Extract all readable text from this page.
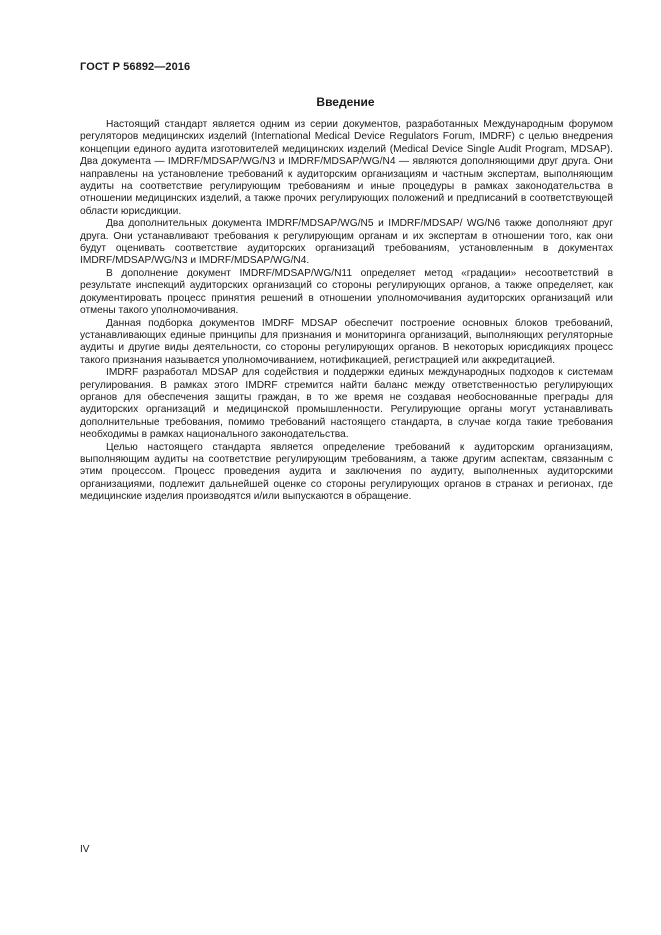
ГОСТ Р 56892—2016
Введение

Настоящий стандарт является одним из серии документов, разработанных Международным форумом регуляторов медицинских изделий (International Medical Device Regulators Forum, IMDRF) с целью внедрения концепции единого аудита изготовителей медицинских изделий (Medical Device Single Audit Program, MDSAP). Два документа — IMDRF/MDSAP/WG/N3 и IMDRF/MDSAP/WG/N4 — являются дополняющими друг друга. Они направлены на установление требований к аудиторским организациям и частным экспертам, выполняющим аудиты на соответствие регулирующим требованиям и иные процедуры в рамках законодательства в отношении медицинских изделий, а также прочих регулирующих положений и предписаний в соответствующей области юрисдикции.

Два дополнительных документа IMDRF/MDSAP/WG/N5 и IMDRF/MDSAP/ WG/N6 также дополняют друг друга. Они устанавливают требования к регулирующим органам и их экспертам в отношении того, как они будут оценивать соответствие аудиторских организаций требованиям, установленным в документах IMDRF/MDSAP/WG/N3 и IMDRF/MDSAP/WG/N4.

В дополнение документ IMDRF/MDSAP/WG/N11 определяет метод «градации» несоответствий в результате инспекций аудиторских организаций со стороны регулирующих органов, а также определяет, как документировать процесс принятия решений в отношении уполномочивания аудиторских организаций или отмены такого уполномочивания.

Данная подборка документов IMDRF MDSAP обеспечит построение основных блоков требований, устанавливающих единые принципы для признания и мониторинга организаций, выполняющих регуляторные аудиты и другие виды деятельности, со стороны регулирующих органов. В некоторых юрисдикциях процесс такого признания называется уполномочиванием, нотификацией, регистрацией или аккредитацией.

IMDRF разработал MDSAP для содействия и поддержки единых международных подходов к системам регулирования. В рамках этого IMDRF стремится найти баланс между ответственностью регулирующих органов для обеспечения защиты граждан, в то же время не создавая необоснованные преграды для аудиторских организаций и медицинской промышленности. Регулирующие органы могут устанавливать дополнительные требования, помимо требований настоящего стандарта, в случае когда такие требования необходимы в рамках национального законодательства.

Целью настоящего стандарта является определение требований к аудиторским организациям, выполняющим аудиты на соответствие регулирующим требованиям, а также другим аспектам, связанным с этим процессом. Процесс проведения аудита и заключения по аудиту, выполненных аудиторскими организациями, подлежит дальнейшей оценке со стороны регулирующих органов в странах и регионах, где медицинские изделия производятся и/или выпускаются в обращение.

IV
